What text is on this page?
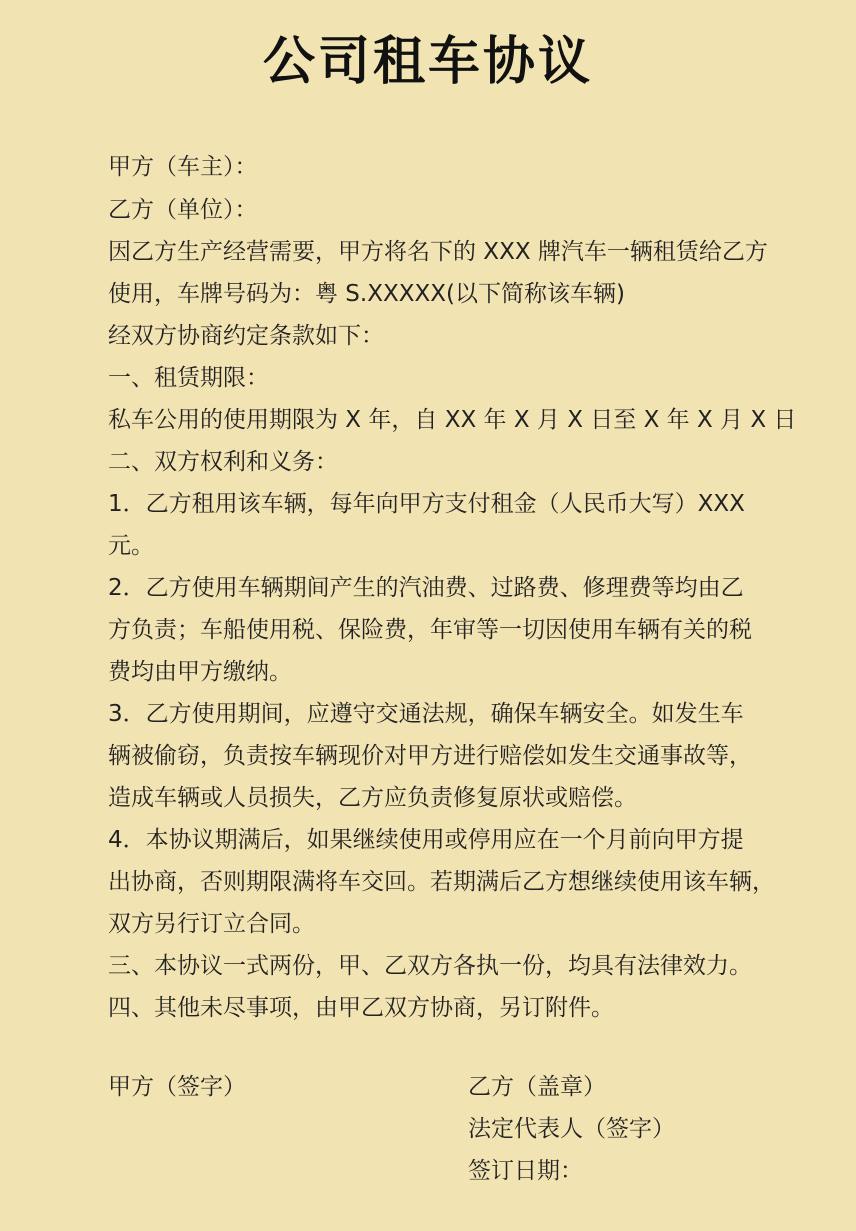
公司租车协议
甲方（车主）：
乙方（单位）：
因乙方生产经营需要，甲方将名下的 XXX 牌汽车一辆租赁给乙方
使用，车牌号码为：粤 S.XXXXX(以下简称该车辆)
经双方协商约定条款如下：
一、租赁期限：
私车公用的使用期限为 X 年，自 XX 年 X 月 X 日至 X 年 X 月 X 日
二、双方权利和义务：
1．乙方租用该车辆，每年向甲方支付租金（人民币大写）XXX
元。
2．乙方使用车辆期间产生的汽油费、过路费、修理费等均由乙
方负责；车船使用税、保险费，年审等一切因使用车辆有关的税
费均由甲方缴纳。
3．乙方使用期间，应遵守交通法规，确保车辆安全。如发生车
辆被偷窃，负责按车辆现价对甲方进行赔偿如发生交通事故等，
造成车辆或人员损失，乙方应负责修复原状或赔偿。
4．本协议期满后，如果继续使用或停用应在一个月前向甲方提
出协商，否则期限满将车交回。若期满后乙方想继续使用该车辆，
双方另行订立合同。
三、本协议一式两份，甲、乙双方各执一份，均具有法律效力。
四、其他未尽事项，由甲乙双方协商，另订附件。
甲方（签字）	乙方（盖章）
法定代表人（签字）
签订日期：
